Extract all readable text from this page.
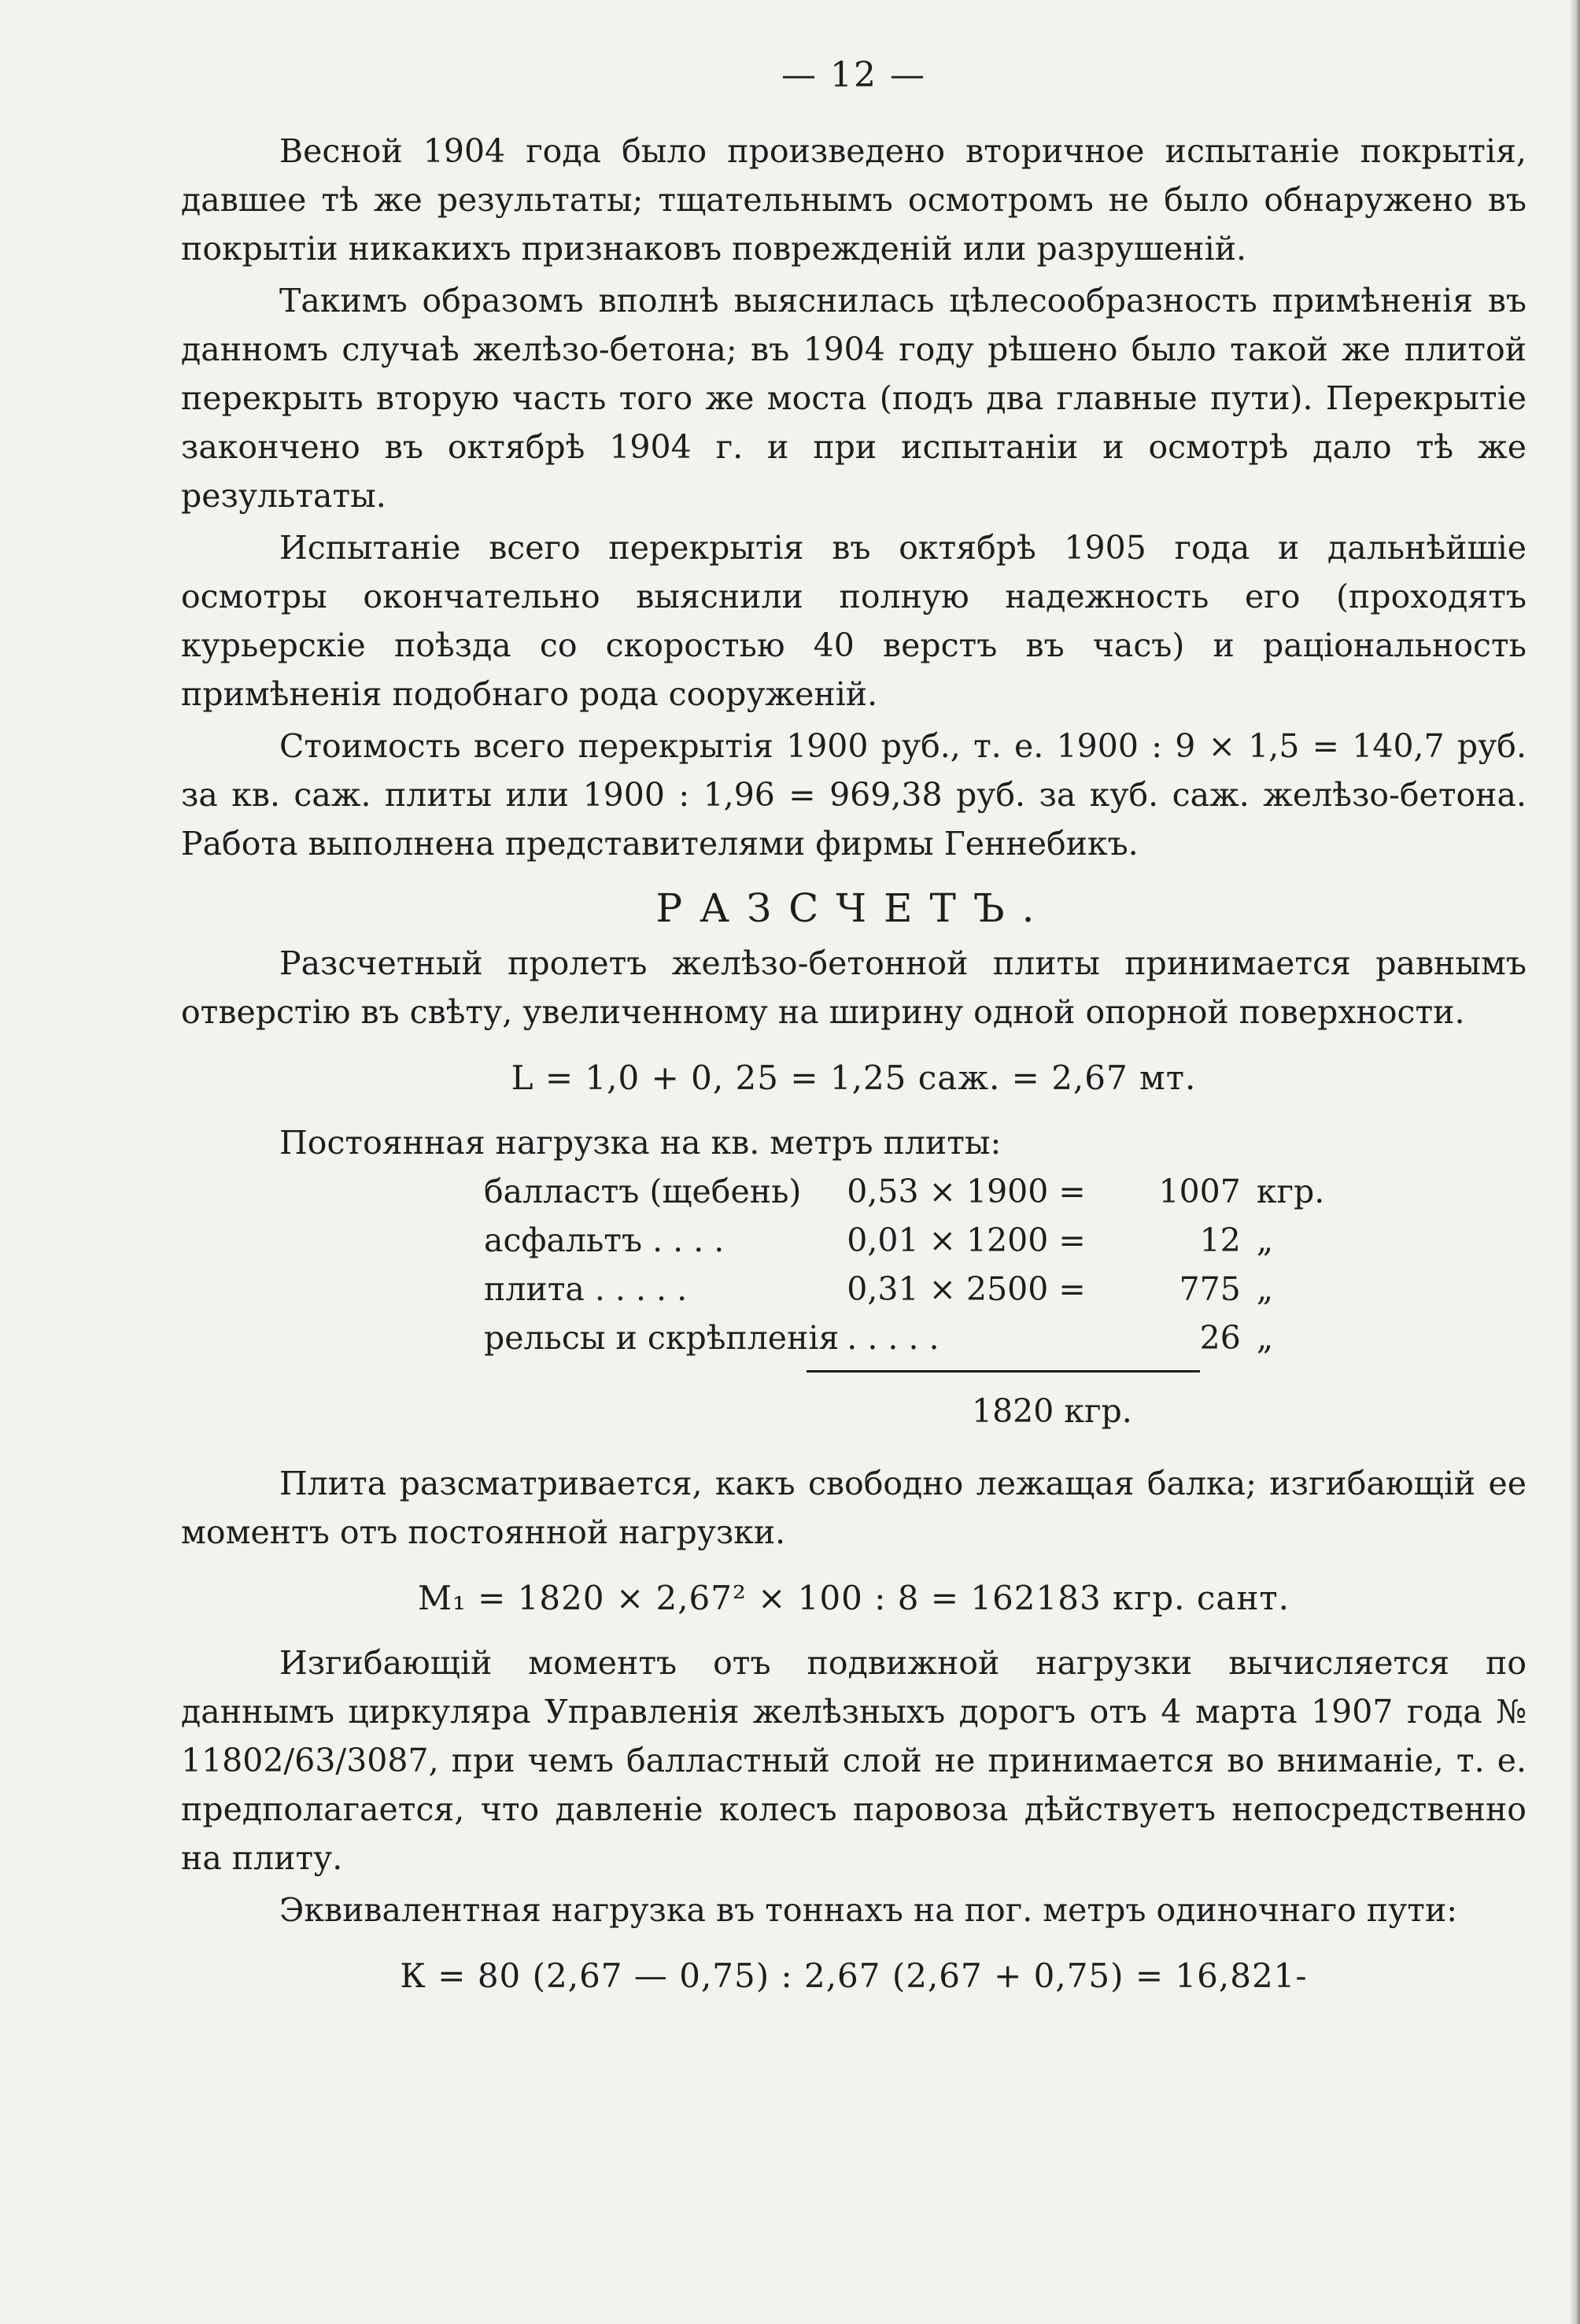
— 12 —

Весной 1904 года было произведено вторичное испытаніе покрытія, давшее тѣ же результаты; тщательнымъ осмотромъ не было обнаружено въ покрытіи никакихъ признаковъ поврежденій или разрушеній.

Такимъ образомъ вполнѣ выяснилась цѣлесообразность примѣненія въ данномъ случаѣ желѣзо-бетона; въ 1904 году рѣшено было такой же плитой перекрыть вторую часть того же моста (подъ два главные пути). Перекрытіе закончено въ октябрѣ 1904 г. и при испытаніи и осмотрѣ дало тѣ же результаты.

Испытаніе всего перекрытія въ октябрѣ 1905 года и дальнѣйшіе осмотры окончательно выяснили полную надежность его (проходятъ курьерскіе поѣзда со скоростью 40 верстъ въ часъ) и раціональность примѣненія подобнаго рода сооруженій.

Стоимость всего перекрытія 1900 руб., т. е. 1900 : 9 × 1,5 = 140,7 руб. за кв. саж. плиты или 1900 : 1,96 = 969,38 руб. за куб. саж. желѣзо-бетона. Работа выполнена представителями фирмы Геннебикъ.

РАЗСЧЕТЪ.

Разсчетный пролетъ желѣзо-бетонной плиты принимается равнымъ отверстію въ свѣту, увеличенному на ширину одной опорной поверхности.

L = 1,0 + 0, 25 = 1,25 саж. = 2,67 мт.
Постоянная нагрузка на кв. метръ плиты:
балластъ (щебень)	0,53 × 1900 =	1007 кгр.
асфальтъ . . . .	0,01 × 1200 =	12 „
плита . . . . .	0,31 × 2500 =	775 „
рельсы и скрѣпленія . . . . .	26 „
1820 кгр.

Плита разсматривается, какъ свободно лежащая балка; изгибающій ее моментъ отъ постоянной нагрузки.

M₁ = 1820 × 2,67² × 100 : 8 = 162183 кгр. сант.

Изгибающій моментъ отъ подвижной нагрузки вычисляется по даннымъ циркуляра Управленія желѣзныхъ дорогъ отъ 4 марта 1907 года № 11802/63/3087, при чемъ балластный слой не принимается во вниманіе, т. е. предполагается, что давленіе колесъ паровоза дѣйствуетъ непосредственно на плиту.

Эквивалентная нагрузка въ тоннахъ на пог. метръ одиночнаго пути:

К = 80 (2,67 — 0,75) : 2,67 (2,67 + 0,75) = 16,821-
